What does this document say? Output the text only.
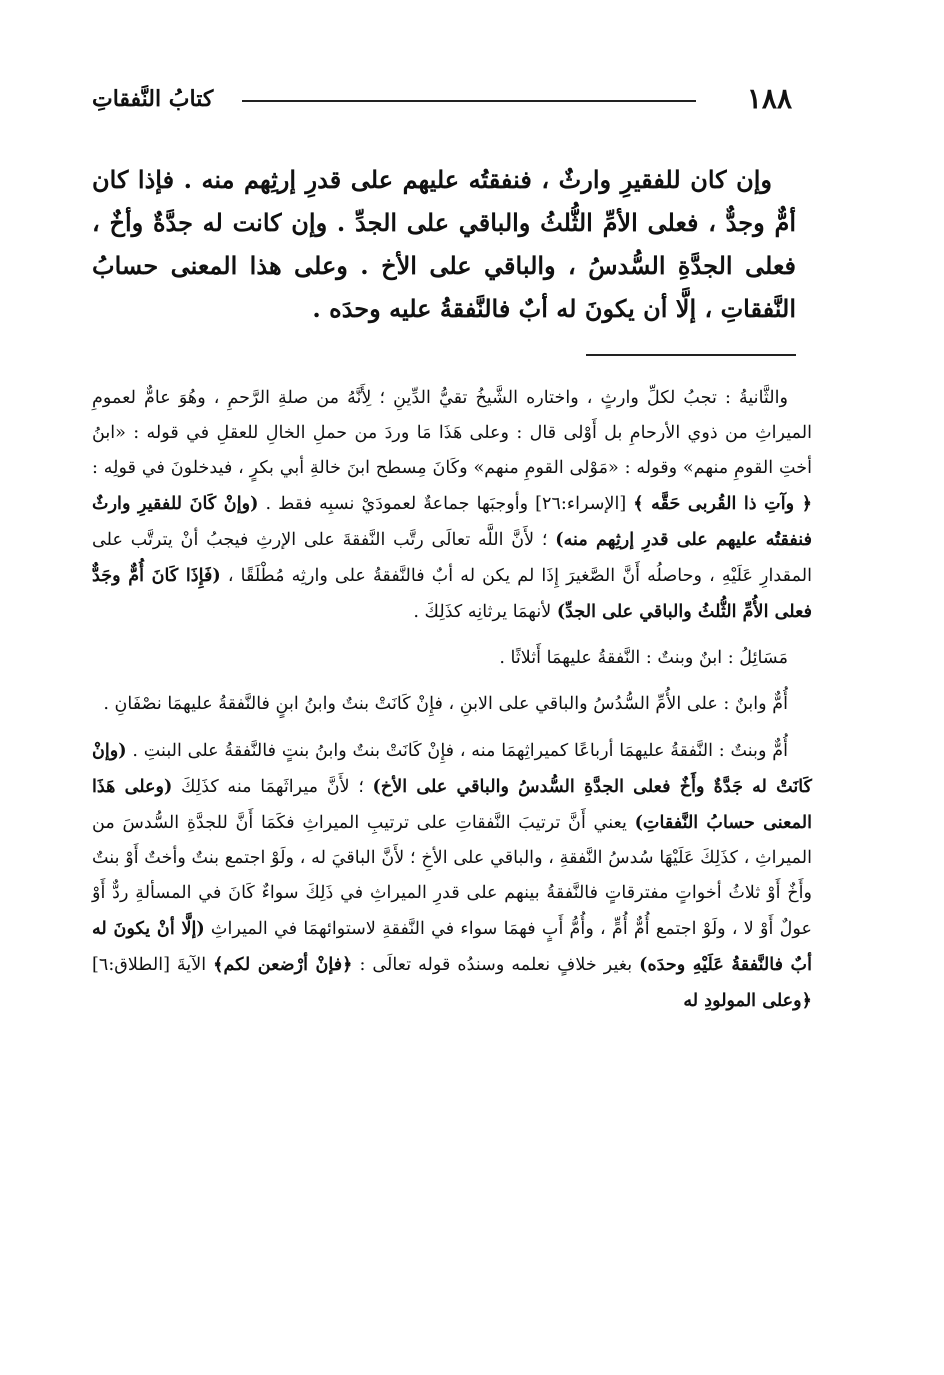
١٨٨
كتابُ النَّفقاتِ

وإن كان للفقيرِ وارثٌ ، فنفقتُه عليهم على قدرِ إرثِهم منه . فإذا كان أمٌّ وجدٌّ ، فعلى الأمِّ الثُّلثُ والباقي على الجدِّ . وإن كانت له جدَّةٌ وأخٌ ، فعلى الجدَّةِ السُّدسُ ، والباقي على الأخ . وعلى هذا المعنى حسابُ النَّفقاتِ ، إلَّا أن يكونَ له أبٌ فالنَّفقةُ عليه وحدَه .

والثَّانيةُ : تجبُ لكلِّ وارثٍ ، واختاره الشَّيخُ تقيُّ الدِّينِ ؛ لِأَنَّهُ من صلةِ الرَّحمِ ، وهُوَ عامٌّ لعمومِ الميراثِ من ذوي الأرحامِ بل أَوْلى قال : وعلى هَذَا مَا وردَ من حملِ الخالِ للعقلِ في قوله : «ابنُ أختِ القومِ منهم» وقوله : «مَوْلى القومِ منهم» وكَانَ مِسطح ابنَ خالةِ أبي بكرٍ ، فيدخلونَ في قولِه : ﴿ وآتِ ذا القُربى حَقَّه ﴾ [الإسراء:٢٦] وأوجبَها جماعةٌ لعمودَيْ نسبِه فقط . (وإنْ كَانَ للفقيرِ وارثٌ فنفقتُه عليهم على قدرِ إرثِهم منه) ؛ لأَنَّ اللَّه تعالَى رتَّب النَّفقةَ على الإرثِ فيجبُ أنْ يترتَّب على المقدارِ عَلَيْهِ ، وحاصلُه أَنَّ الصَّغيرَ إِذَا لم يكن له أبٌ فالنَّفقةُ على وارثِه مُطْلَقًا ، (فَإِذَا كَانَ أُمٌّ وجَدٌّ فعلى الأُمِّ الثُّلثُ والباقي على الجدِّ) لأنهمَا يرثانِه كذَلِكَ .

مَسَائِلُ : ابنٌ وبنتٌ : النَّفقةُ عليهمَا أَثلاثًا .

أُمٌّ وابنٌ : على الأُمِّ السُّدُسُ والباقي على الابنِ ، فإِنْ كَانَتْ بنتٌ وابنُ ابنٍ فالنَّفقةُ عليهمَا نصْفَانِ .

أُمٌّ وبنتٌ : النَّفقةُ عليهمَا أرباعًا كميراثِهمَا منه ، فإِنْ كَانَتْ بنتٌ وابنُ بنتٍ فالنَّفقةُ على البنتِ . (وإنْ كَانَتْ له جَدَّةٌ وأَخٌ فعلى الجدَّةِ السُّدسُ والباقي على الأخ) ؛ لأَنَّ ميراثَهمَا منه كذَلِكَ (وعلى هَذَا المعنى حسابُ النَّفقاتِ) يعني أَنَّ ترتيبَ النَّفقاتِ على ترتيبِ الميراثِ فكَمَا أَنَّ للجدَّةِ السُّدسَ من الميراثِ ، كذَلِكَ عَلَيْهَا سُدسُ النَّفقةِ ، والباقي على الأخِ ؛ لأَنَّ الباقيَ له ، ولَوْ اجتمع بنتٌ وأختٌ أَوْ بنتٌ وأَخٌ أَوْ ثلاثُ أخواتٍ مفترقاتٍ فالنَّفقةُ بينهم على قدرِ الميراثِ في ذَلِكَ سواءٌ كَانَ في المسألةِ ردٌّ أَوْ عولٌ أَوْ لا ، ولَوْ اجتمع أُمٌّ أُمٍّ ، وأُمُّ أَبٍ فهمَا سواء في النَّفقةِ لاستوائهمَا في الميراثِ (إلَّا أنْ يكونَ له أبٌ فالنَّفقةُ عَلَيْهِ وحدَه) بغير خلافٍ نعلمه وسندُه قوله تعالَى : ﴿فإنْ أرْضعن لكم﴾ الآيةَ [الطلاق:٦] ﴿وعلى المولودِ له
